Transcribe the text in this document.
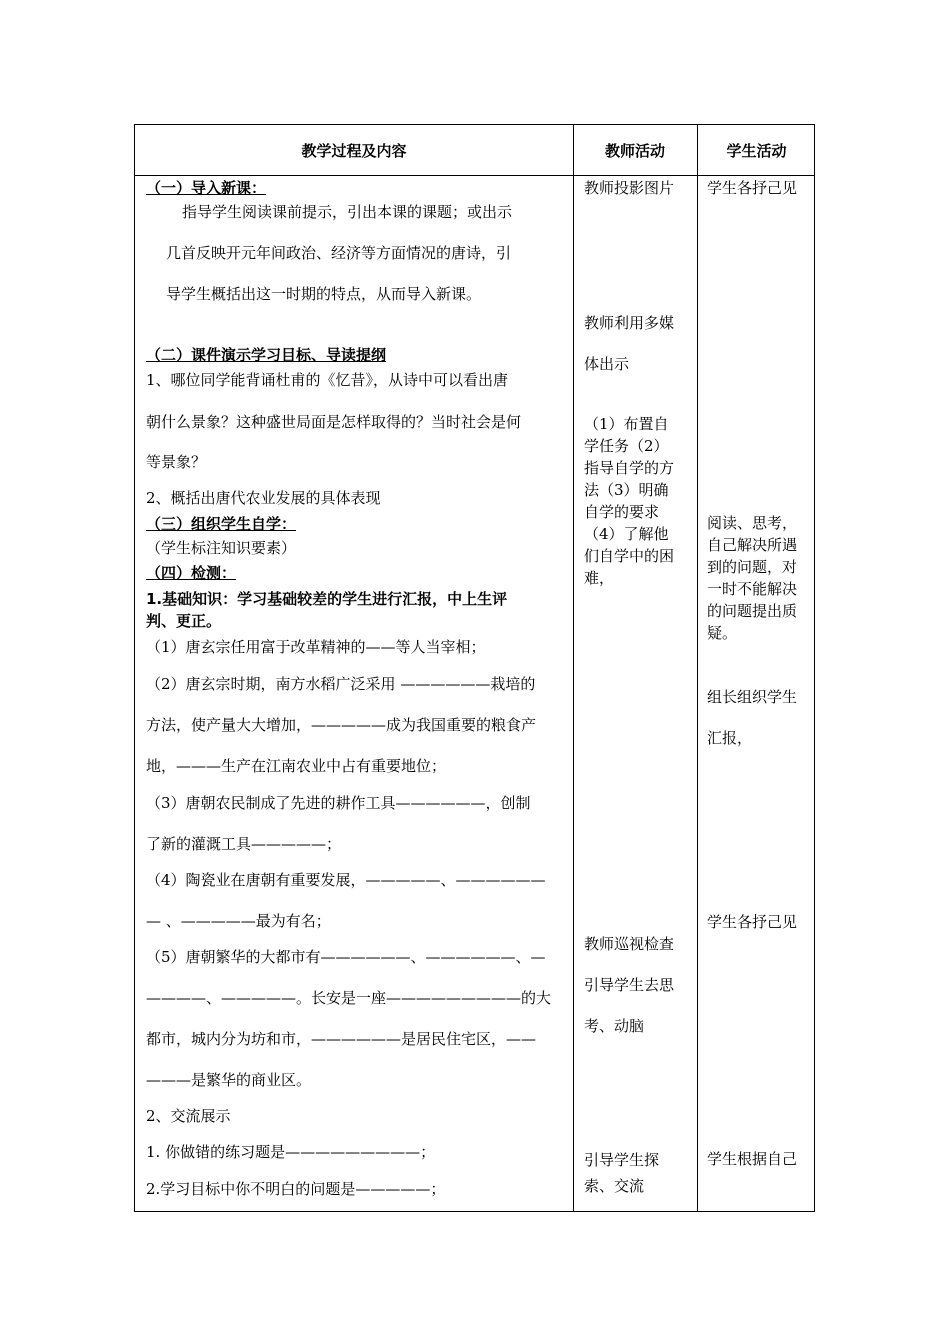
教学过程及内容	教师活动	学生活动
（一）导入新课：
指导学生阅读课前提示，引出本课的课题；或出示
几首反映开元年间政治、经济等方面情况的唐诗，引
导学生概括出这一时期的特点，从而导入新课。
（二）课件演示学习目标、导读提纲
1、哪位同学能背诵杜甫的《忆昔》，从诗中可以看出唐
朝什么景象？这种盛世局面是怎样取得的？当时社会是何
等景象？
2、概括出唐代农业发展的具体表现
（三）组织学生自学：
（学生标注知识要素）
（四）检测：
1.基础知识：学习基础较差的学生进行汇报，中上生评
判、更正。
（1）唐玄宗任用富于改革精神的——等人当宰相；
（2）唐玄宗时期，南方水稻广泛采用 ——————栽培的
方法，使产量大大增加，—————成为我国重要的粮食产
地，———生产在江南农业中占有重要地位；
（3）唐朝农民制成了先进的耕作工具——————，创制
了新的灌溉工具—————；
（4）陶瓷业在唐朝有重要发展，—————、——————
— 、—————最为有名；
（5）唐朝繁华的大都市有——————、——————、—
————、—————。长安是一座—————————的大
都市，城内分为坊和市，——————是居民住宅区，——
———是繁华的商业区。
2、交流展示
1. 你做错的练习题是—————————；
2.学习目标中你不明白的问题是—————；
教师投影图片
教师利用多媒
体出示
（1）布置自
学任务（2）
指导自学的方
法（3）明确
自学的要求
（4）了解他
们自学中的困
难，
教师巡视检查
引导学生去思
考、动脑
引导学生探
索、交流
学生各抒己见
阅读、思考，
自己解决所遇
到的问题，对
一时不能解决
的问题提出质
疑。
组长组织学生
汇报，
学生各抒己见
学生根据自己
